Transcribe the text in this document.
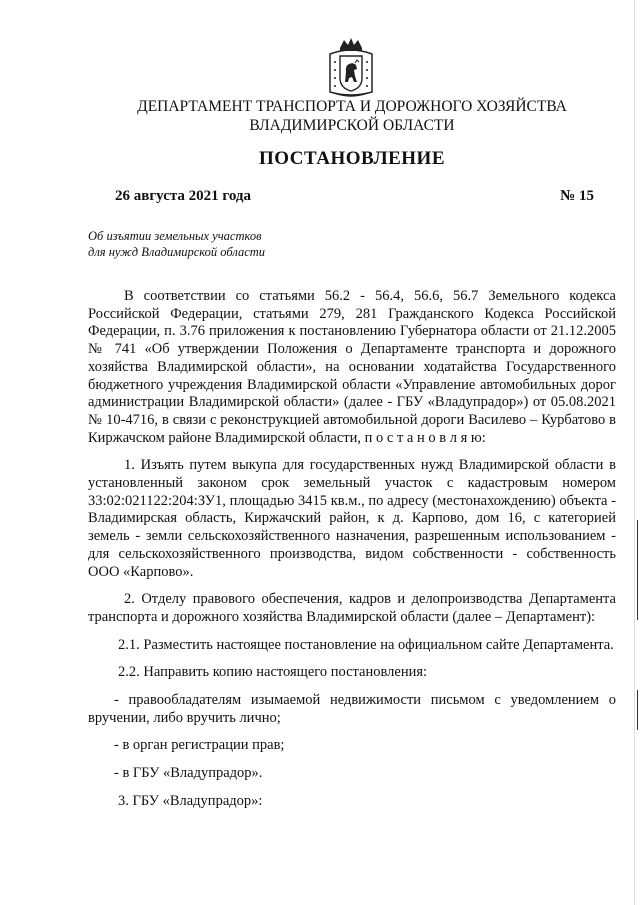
ДЕПАРТАМЕНТ ТРАНСПОРТА И ДОРОЖНОГО ХОЗЯЙСТВА
ВЛАДИМИРСКОЙ ОБЛАСТИ
ПОСТАНОВЛЕНИЕ
26 августа 2021 года	№ 15
Об изъятии земельных участков
для нужд Владимирской области

В соответствии со статьями 56.2 - 56.4, 56.6, 56.7 Земельного кодекса Российской Федерации, статьями 279, 281 Гражданского Кодекса Российской Федерации, п. 3.76 приложения к постановлению Губернатора области от 21.12.2005 № 741 «Об утверждении Положения о Департаменте транспорта и дорожного хозяйства Владимирской области», на основании ходатайства Государственного бюджетного учреждения Владимирской области «Управление автомобильных дорог администрации Владимирской области» (далее - ГБУ «Владупрадор») от 05.08.2021 № 10-4716, в связи с реконструкцией автомобильной дороги Василево – Курбатово в Киржачском районе Владимирской области, п о с т а н о в л я ю:

1. Изъять путем выкупа для государственных нужд Владимирской области в установленный законом срок земельный участок с кадастровым номером 33:02:021122:204:ЗУ1, площадью 3415 кв.м., по адресу (местонахождению) объекта - Владимирская область, Киржачский район, к д. Карпово, дом 16, с категорией земель - земли сельскохозяйственного назначения, разрешенным использованием - для сельскохозяйственного производства, видом собственности - собственность ООО «Карпово».

2. Отделу правового обеспечения, кадров и делопроизводства Департамента транспорта и дорожного хозяйства Владимирской области (далее – Департамент):

2.1. Разместить настоящее постановление на официальном сайте Департамента.

2.2. Направить копию настоящего постановления:

- правообладателям изымаемой недвижимости письмом с уведомлением о вручении, либо вручить лично;

- в орган регистрации прав;

- в ГБУ «Владупрадор».

3. ГБУ «Владупрадор»:
